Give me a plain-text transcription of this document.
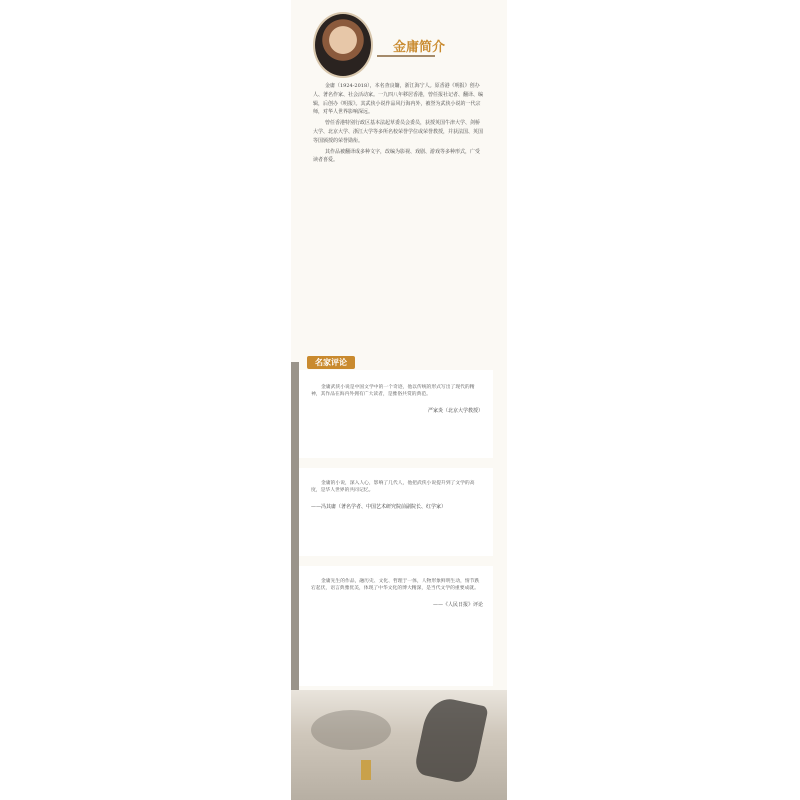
金庸简介

金庸（1924-2018），本名查良镛，浙江海宁人。原香港《明报》创办人、著名作家、社会活动家。一九四八年移居香港，曾任报社记者、翻译、编辑，后创办《明报》。其武侠小说作品风行海内外，被誉为武侠小说的一代宗师，对华人世界影响深远。

曾任香港特别行政区基本法起草委员会委员，获授英国牛津大学、剑桥大学、北京大学、浙江大学等多所名校荣誉学位或荣誉教授，并获法国、英国等国颁授的荣誉勋衔。

其作品被翻译成多种文字，改编为影视、戏剧、游戏等多种形式，广受读者喜爱。

名家评论

金庸武侠小说是中国文学中的一个奇迹，他以传统的形式写出了现代的精神，其作品在海内外拥有广大读者，是雅俗共赏的典范。

严家炎（北京大学教授）

金庸的小说，深入人心，影响了几代人，他把武侠小说提升到了文学的高度，是华人世界的共同记忆。

——冯其庸（著名学者、中国艺术研究院前副院长、红学家）

金庸先生的作品，融历史、文化、哲理于一体，人物形象鲜明生动，情节跌宕起伏，语言典雅优美，体现了中华文化的博大精深，是当代文学的重要成就。

——《人民日报》评论
